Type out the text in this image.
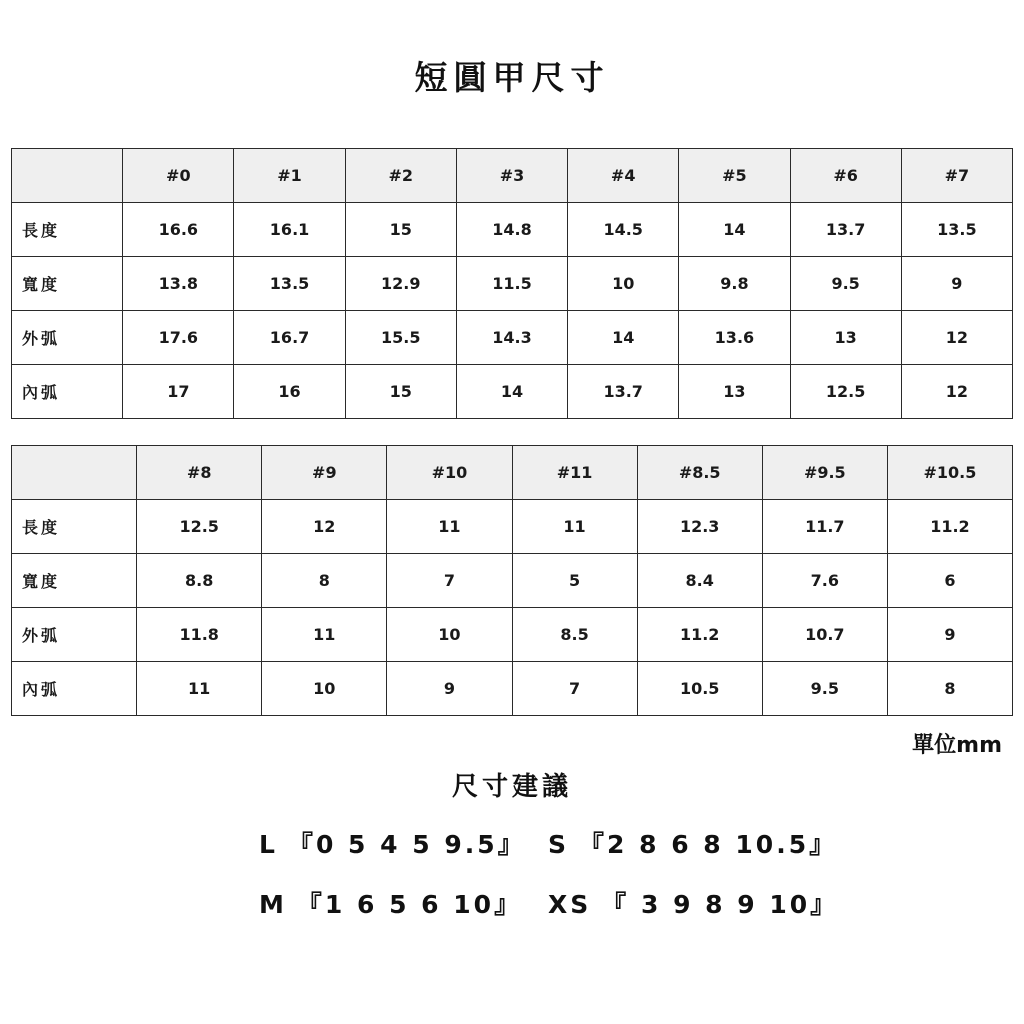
短圓甲尺寸
	#0	#1	#2	#3	#4	#5	#6	#7
長度	16.6	16.1	15	14.8	14.5	14	13.7	13.5
寬度	13.8	13.5	12.9	11.5	10	9.8	9.5	9
外弧	17.6	16.7	15.5	14.3	14	13.6	13	12
內弧	17	16	15	14	13.7	13	12.5	12
	#8	#9	#10	#11	#8.5	#9.5	#10.5
長度	12.5	12	11	11	12.3	11.7	11.2
寬度	8.8	8	7	5	8.4	7.6	6
外弧	11.8	11	10	8.5	11.2	10.7	9
內弧	11	10	9	7	10.5	9.5	8
單位mm
尺寸建議
L 『0 5 4 5 9.5』 S 『2 8 6 8 10.5』
M 『1 6 5 6 10』 XS 『 3 9 8 9 10』
